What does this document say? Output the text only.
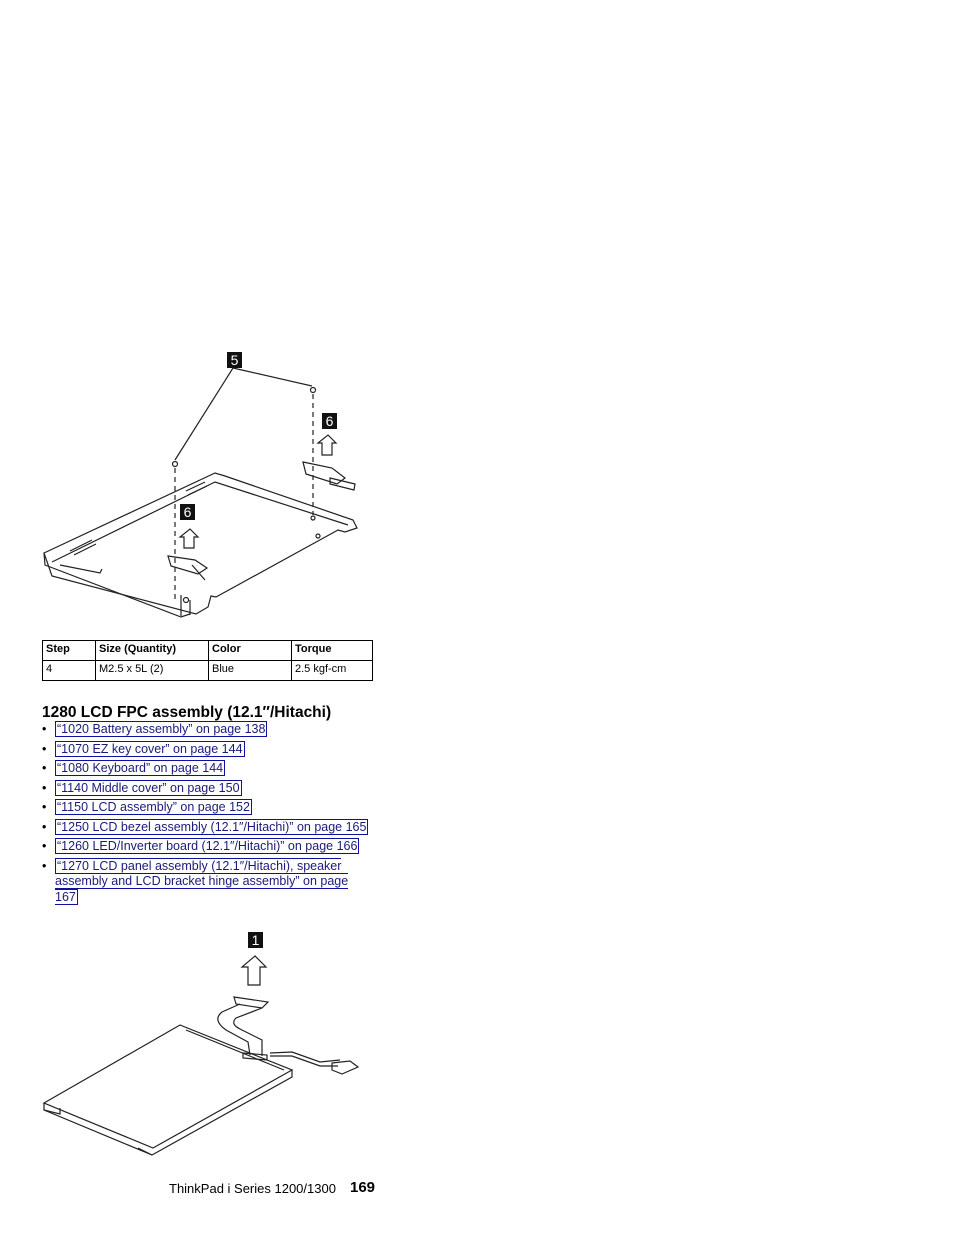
5
6
6
Step	Size (Quantity)	Color	Torque
4	M2.5 x 5L (2)	Blue	2.5 kgf-cm
1280 LCD FPC assembly (12.1″/Hitachi)
• “1020 Battery assembly” on page 138
• “1070 EZ key cover” on page 144
• “1080 Keyboard” on page 144
• “1140 Middle cover” on page 150
• “1150 LCD assembly” on page 152
• “1250 LCD bezel assembly (12.1″/Hitachi)” on page 165
• “1260 LED/Inverter board (12.1″/Hitachi)” on page 166
• “1270 LCD panel assembly (12.1″/Hitachi), speaker assembly and LCD bracket hinge assembly” on page 167
1
ThinkPad i Series 1200/1300 169
